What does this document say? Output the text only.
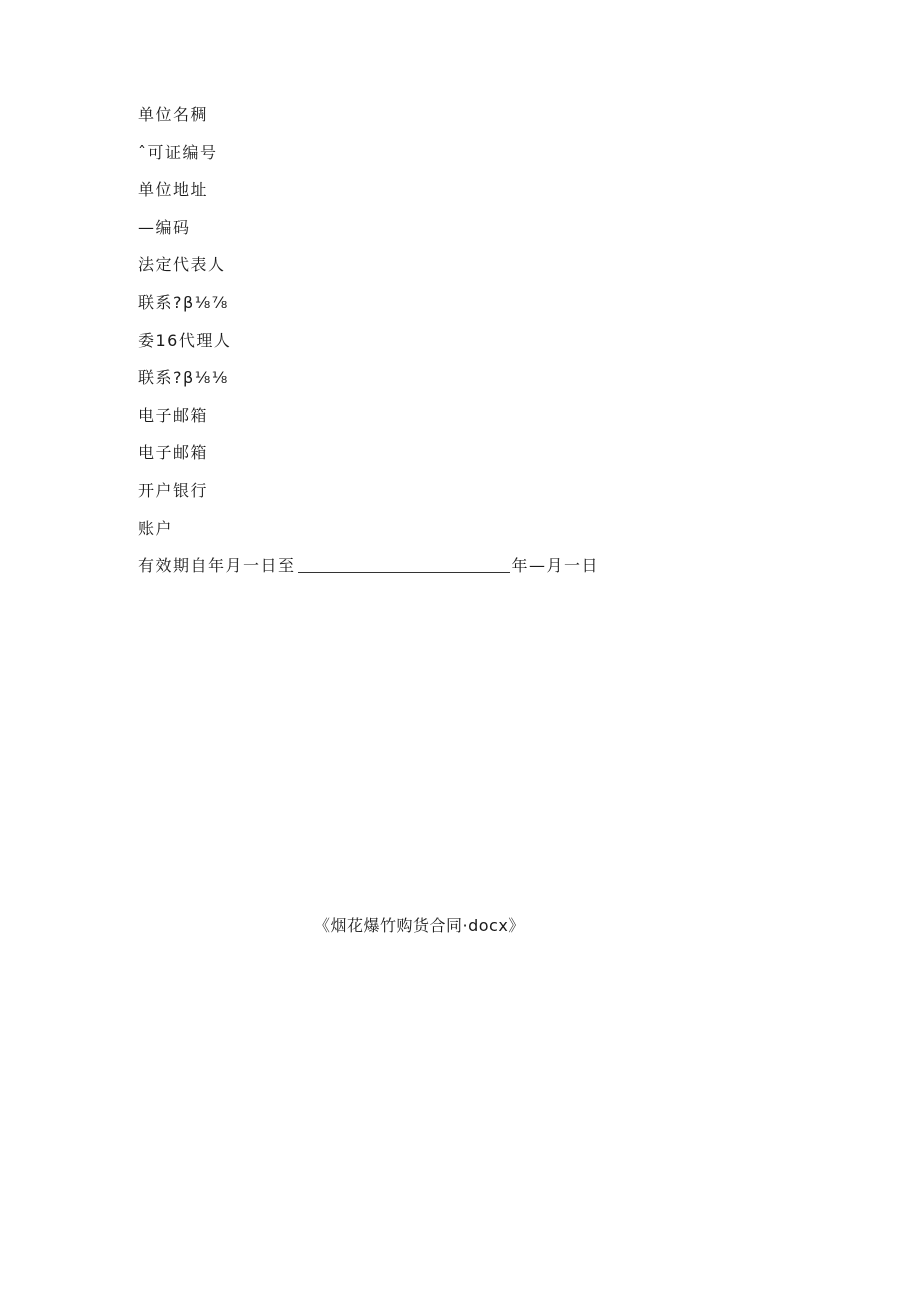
单位名稠
ˆ可证编号
单位地址
—编码
法定代表人
联系?β⅛⅞
委16代理人
联系?β⅛⅛
电子邮箱
电子邮箱
开户银行
账户
有效期自年月一日至	年—月一日
《烟花爆竹购货合同·docx》
